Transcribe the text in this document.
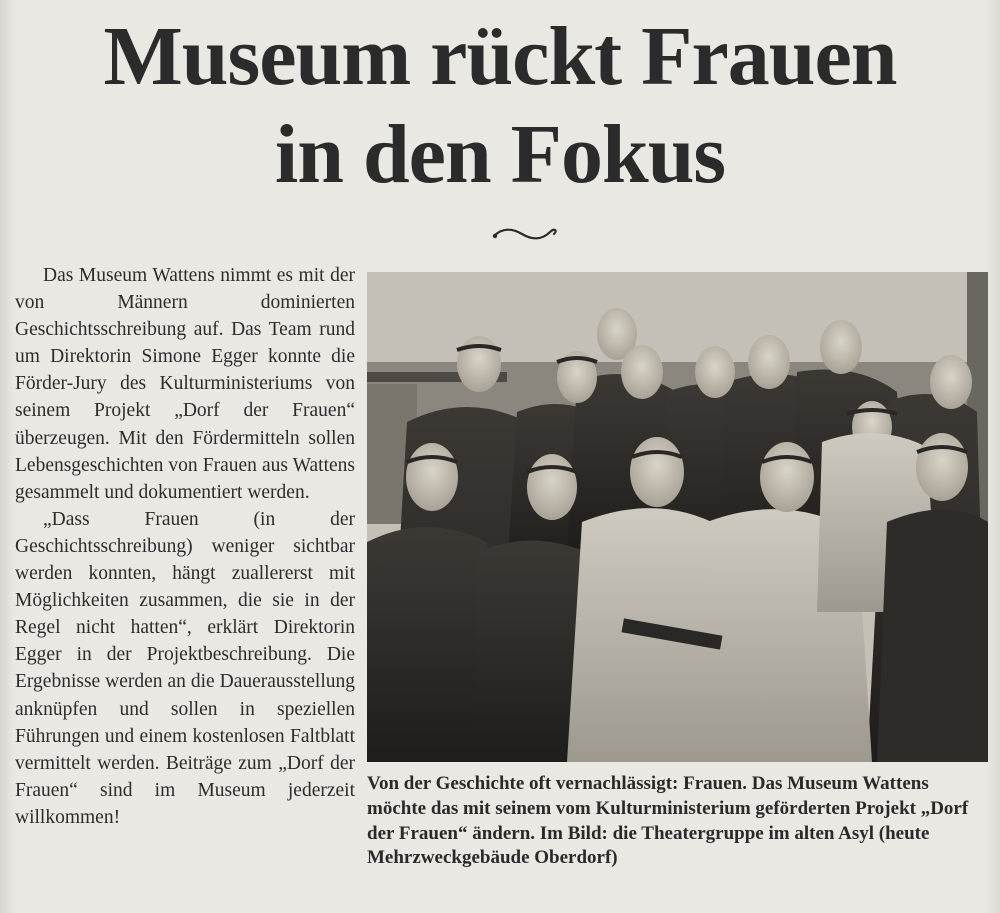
Museum rückt Frauen
in den Fokus

Das Museum Wattens nimmt es mit der von Männern dominierten Geschichtsschreibung auf. Das Team rund um Direktorin Simone Egger konnte die Förder-Jury des Kulturministeriums von seinem Projekt „Dorf der Frauen“ überzeugen. Mit den Fördermitteln sollen Lebensgeschichten von Frauen aus Wattens gesammelt und dokumentiert werden.

„Dass Frauen (in der Geschichtsschreibung) weniger sichtbar werden konnten, hängt zuallererst mit Möglichkeiten zusammen, die sie in der Regel nicht hatten“, erklärt Direktorin Egger in der Projektbeschreibung. Die Ergebnisse werden an die Dauerausstellung anknüpfen und sollen in speziellen Führungen und einem kostenlosen Faltblatt vermittelt werden. Beiträge zum „Dorf der Frauen“ sind im Museum jederzeit willkommen!

Von der Geschichte oft vernachlässigt: Frauen. Das Museum Wattens möchte das mit seinem vom Kulturministerium geförderten Projekt „Dorf der Frauen“ ändern. Im Bild: die Theatergruppe im alten Asyl (heute Mehrzweckgebäude Oberdorf)
